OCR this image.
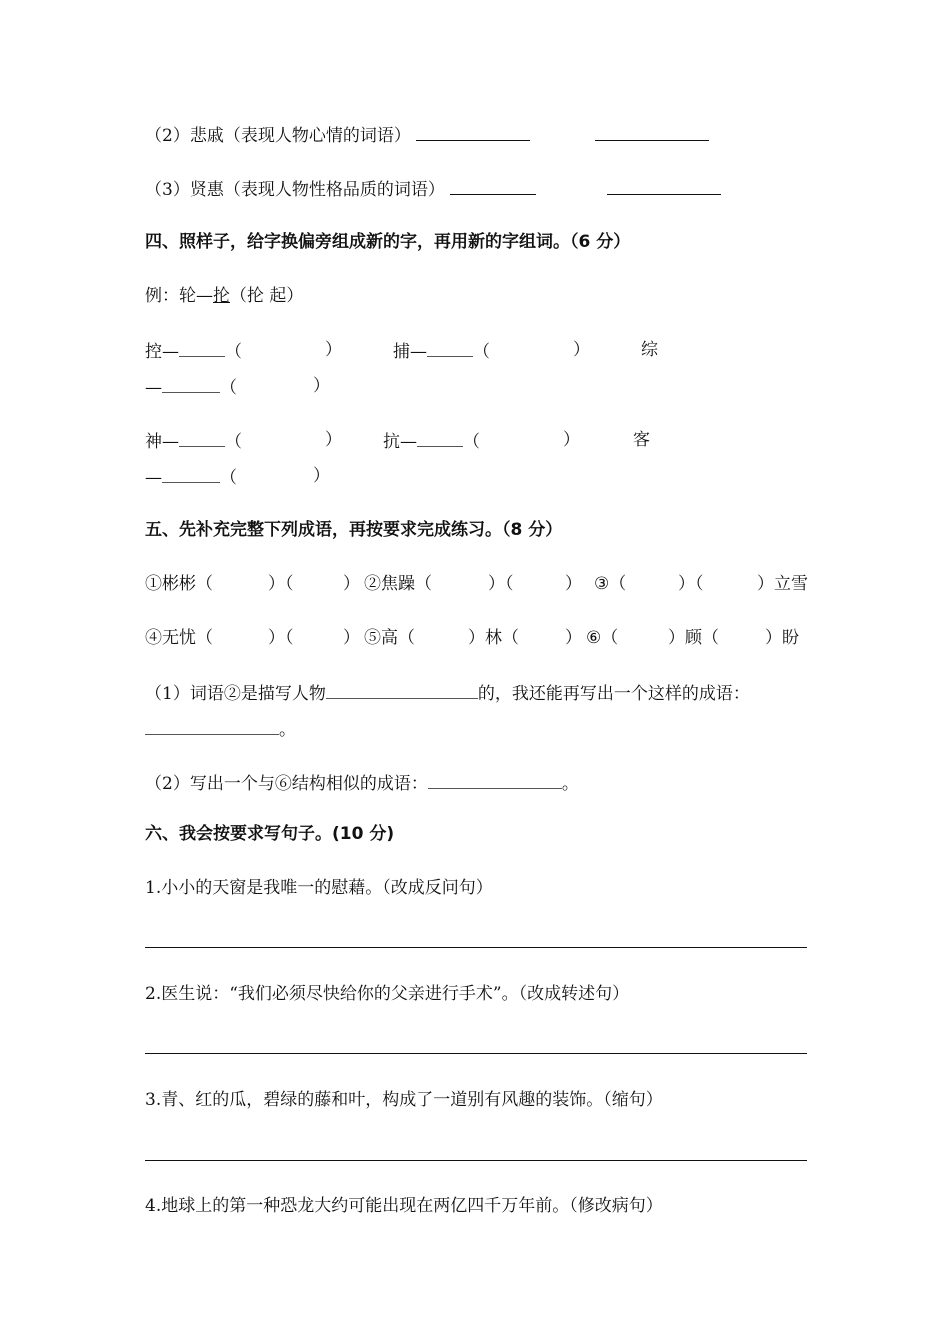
（2）悲戚（表现人物心情的词语）
（3）贤惠（表现人物性格品质的词语）
四、照样子，给字换偏旁组成新的字，再用新的字组词。（6 分）
例：轮—抡（抡 起）
控—	（	）	捕—	（	）	综
—	（	）
神—	（	） 抗—	（	）	客
—	（	）
五、先补充完整下列成语，再按要求完成练习。（8 分）
①彬彬（	）（	） ②焦躁（	）（	） ③（	）（	）立雪
④无忧（	）（	） ⑤高（	）林（	） ⑥（	）顾（	）盼
（1）词语②是描写人物	的，我还能再写出一个这样的成语：
。
（2）写出一个与⑥结构相似的成语：	。
六、我会按要求写句子。(10 分)
1.小小的天窗是我唯一的慰藉。（改成反问句）
2.医生说：“我们必须尽快给你的父亲进行手术”。（改成转述句）
3.青、红的瓜，碧绿的藤和叶，构成了一道别有风趣的装饰。（缩句）
4.地球上的第一种恐龙大约可能出现在两亿四千万年前。（修改病句）
